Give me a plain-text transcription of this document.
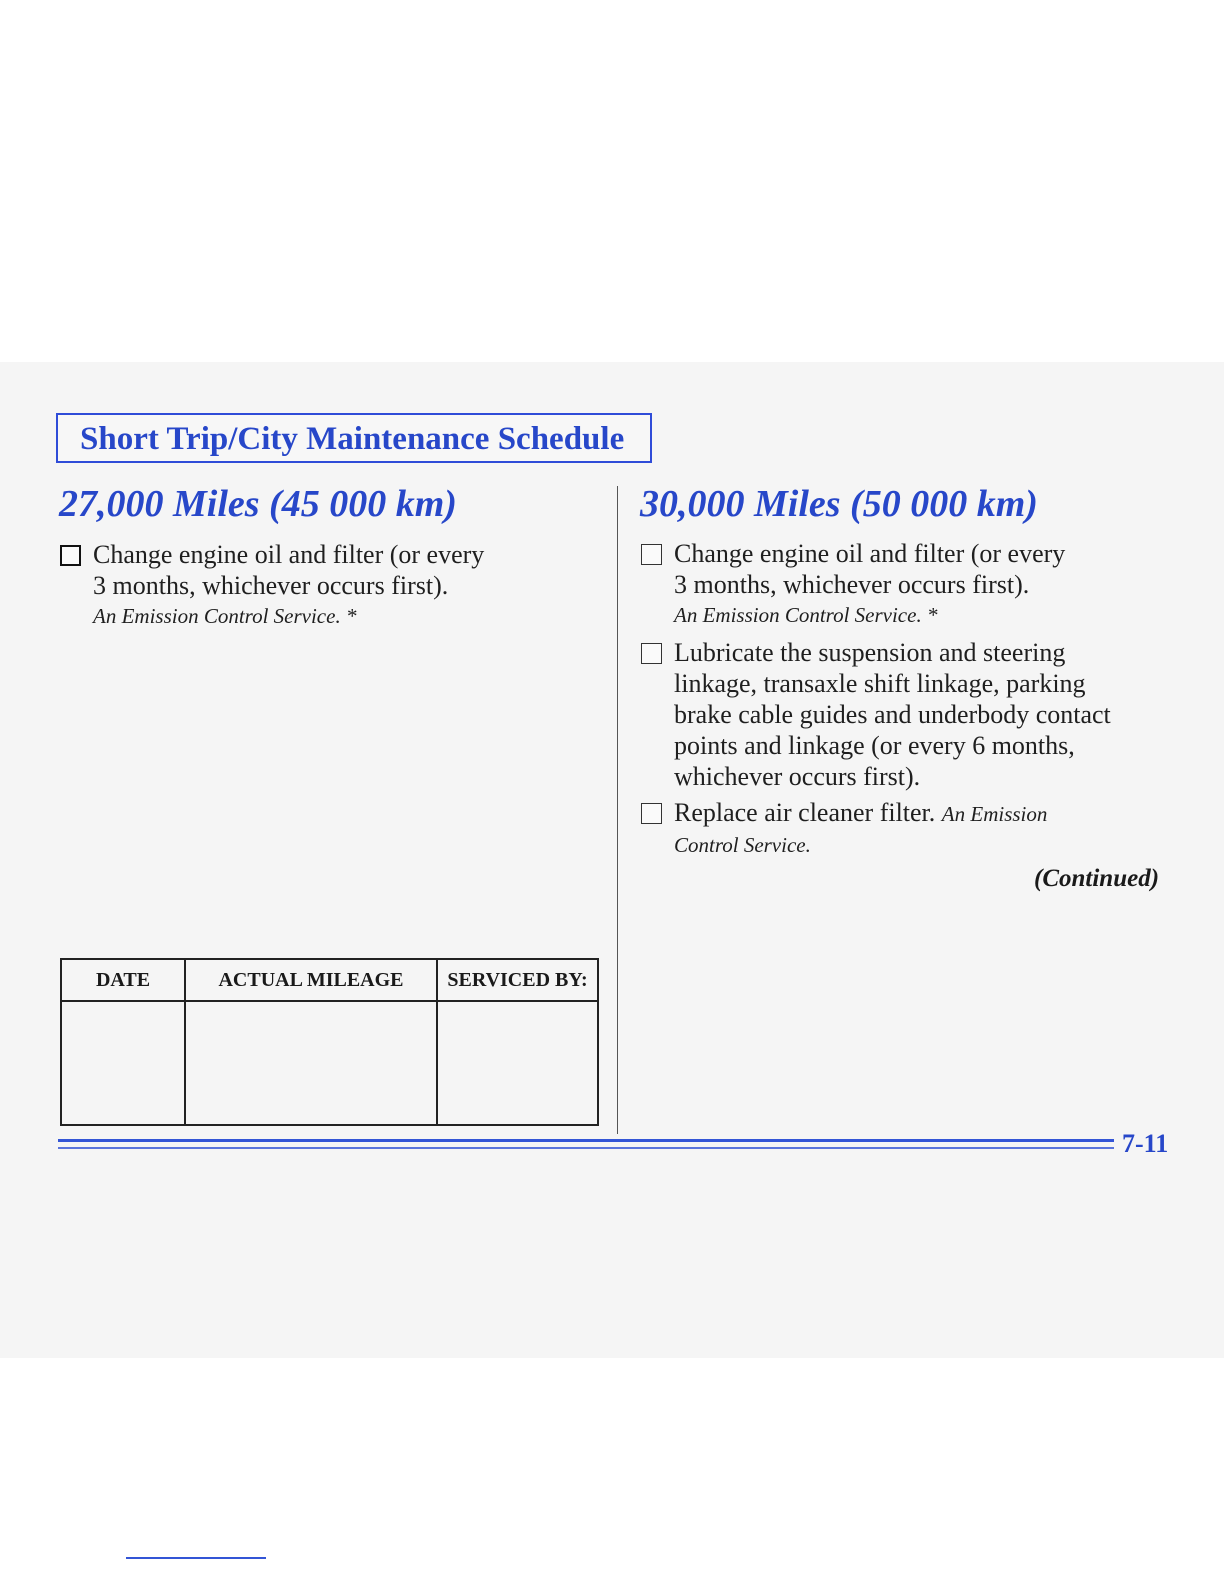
Short Trip/City Maintenance Schedule
27,000 Miles (45 000 km)	30,000 Miles (50 000 km)
Change engine oil and filter (or every
3 months, whichever occurs first).
An Emission Control Service. *
Change engine oil and filter (or every
3 months, whichever occurs first).
An Emission Control Service. *
Lubricate the suspension and steering
linkage, transaxle shift linkage, parking
brake cable guides and underbody contact
points and linkage (or every 6 months,
whichever occurs first).
Replace air cleaner filter. An Emission
Control Service.
(Continued)
DATE	ACTUAL MILEAGE	SERVICED BY:

7-11
